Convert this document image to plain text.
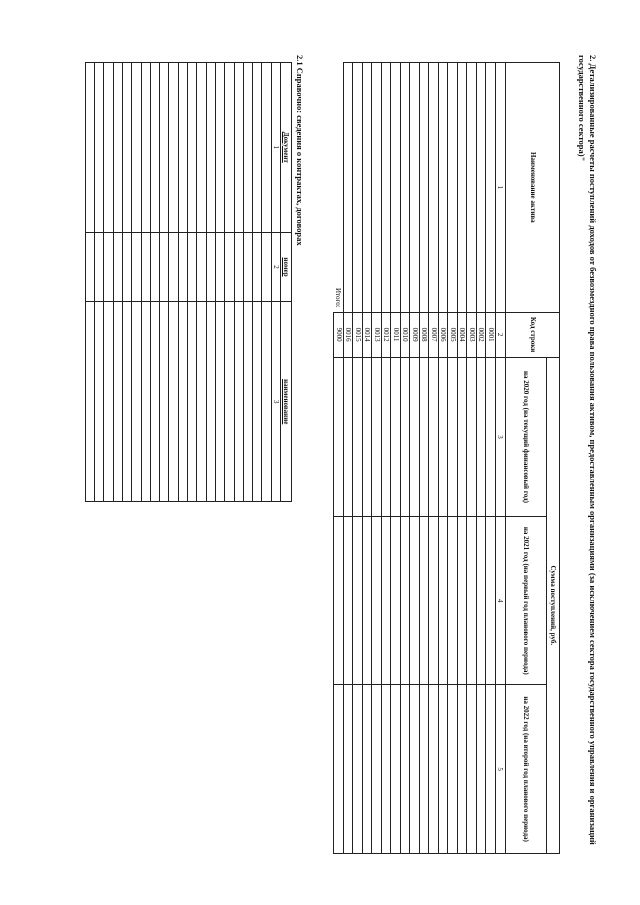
2. Детализированные расчеты поступлений доходов от безвозмездного права пользования активом, предоставленным организациями (за исключением сектора государственного управления и организаций
государственного сектора)"
Наименование актива	Код строки	Сумма поступлений, руб.		
		на 2020 год (на текущий финансовый год)	на 2021 год (на первый год планового периода)	на 2022 год (на второй год планового периода)
1	2	3	4	5
	0001			
	0002			
	0003			
	0004			
	0005			
	0006			
	0007			
	0008			
	0009			
	0010			
	0011			
	0012			
	0013			
	0014			
	0015			
	0016			
Итого:	9000			
2.1 Справочно: сведения о контрактах, договорах
Документ	номер	наименование
1	2	3
